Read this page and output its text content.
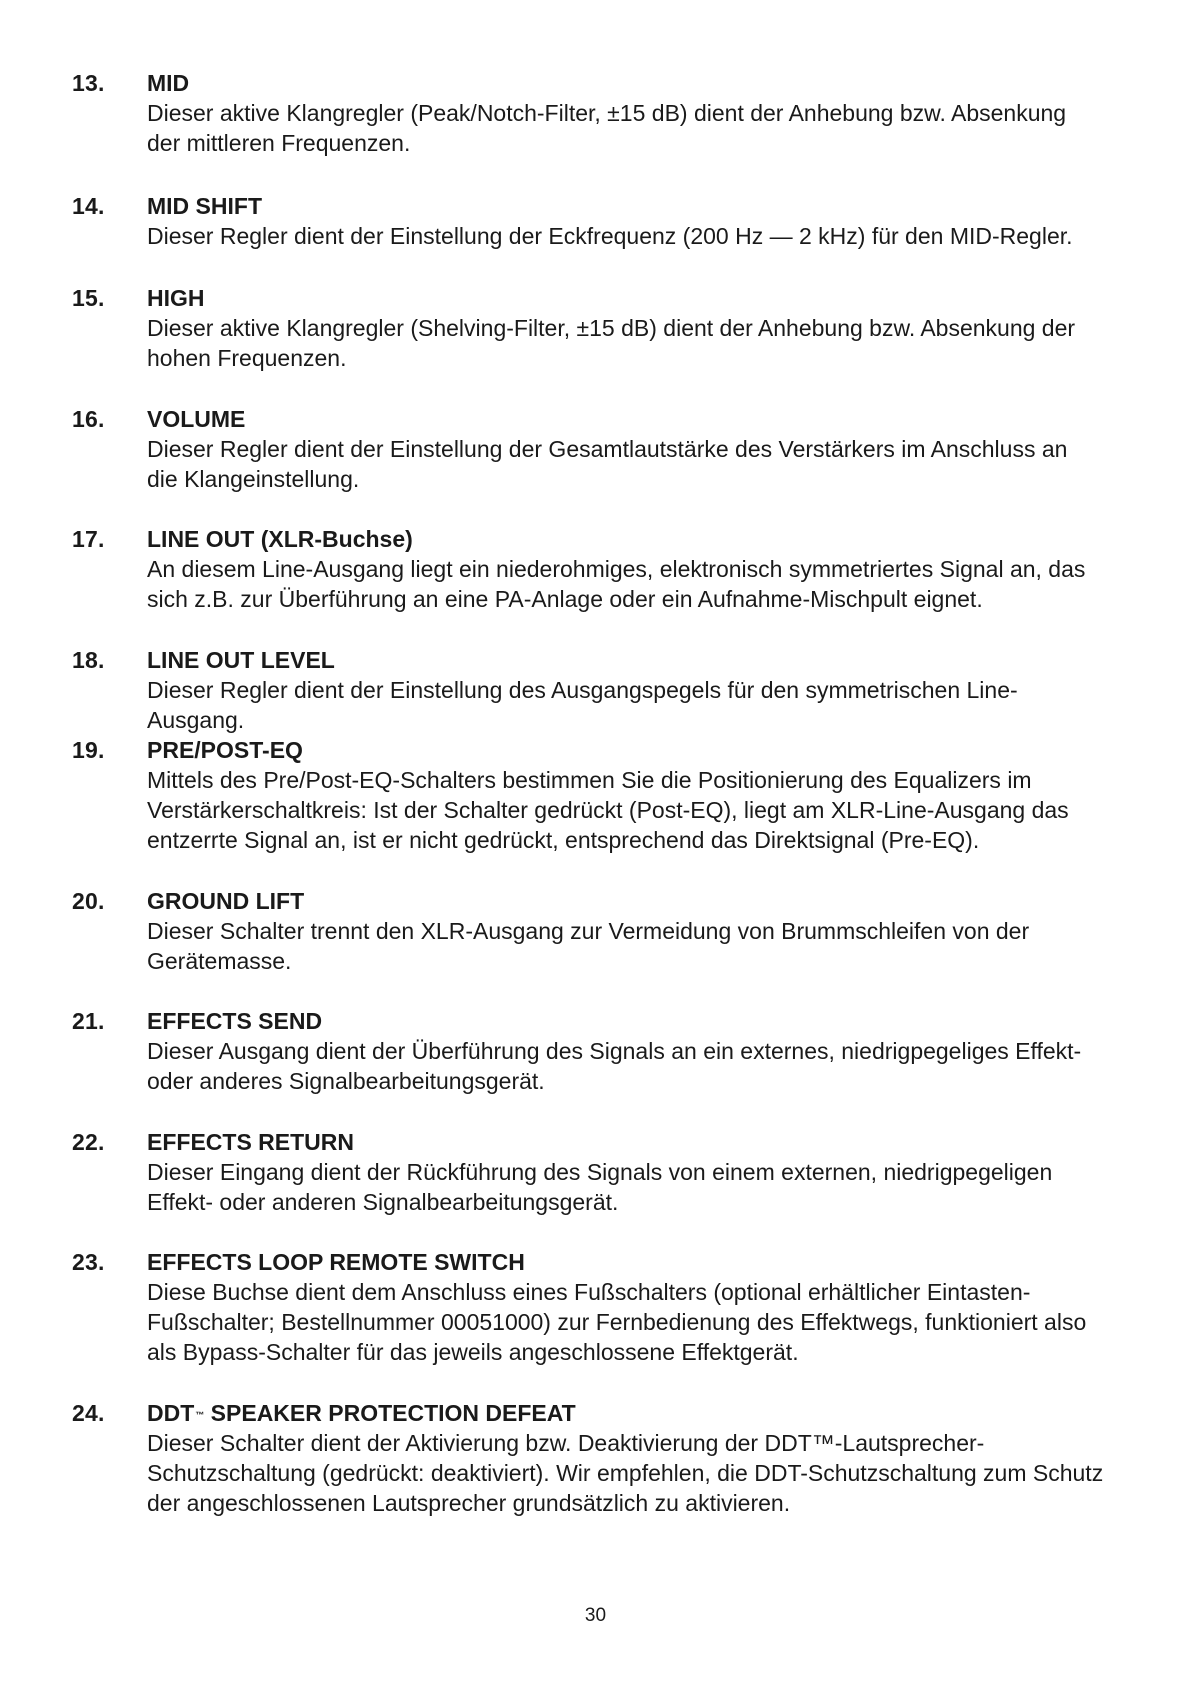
13. MID
Dieser aktive Klangregler (Peak/Notch-Filter, ±15 dB) dient der Anhebung bzw. Absenkung
der mittleren Frequenzen.
14. MID SHIFT
Dieser Regler dient der Einstellung der Eckfrequenz (200 Hz — 2 kHz) für den MID-Regler.
15. HIGH
Dieser aktive Klangregler (Shelving-Filter, ±15 dB) dient der Anhebung bzw. Absenkung der
hohen Frequenzen.
16. VOLUME
Dieser Regler dient der Einstellung der Gesamtlautstärke des Verstärkers im Anschluss an
die Klangeinstellung.
17. LINE OUT (XLR-Buchse)
An diesem Line-Ausgang liegt ein niederohmiges, elektronisch symmetriertes Signal an, das
sich z.B. zur Überführung an eine PA-Anlage oder ein Aufnahme-Mischpult eignet.
18. LINE OUT LEVEL
Dieser Regler dient der Einstellung des Ausgangspegels für den symmetrischen Line-
Ausgang.
19. PRE/POST-EQ
Mittels des Pre/Post-EQ-Schalters bestimmen Sie die Positionierung des Equalizers im
Verstärkerschaltkreis: Ist der Schalter gedrückt (Post-EQ), liegt am XLR-Line-Ausgang das
entzerrte Signal an, ist er nicht gedrückt, entsprechend das Direktsignal (Pre-EQ).
20. GROUND LIFT
Dieser Schalter trennt den XLR-Ausgang zur Vermeidung von Brummschleifen von der
Gerätemasse.
21. EFFECTS SEND
Dieser Ausgang dient der Überführung des Signals an ein externes, niedrigpegeliges Effekt-
oder anderes Signalbearbeitungsgerät.
22. EFFECTS RETURN
Dieser Eingang dient der Rückführung des Signals von einem externen, niedrigpegeligen
Effekt- oder anderen Signalbearbeitungsgerät.
23. EFFECTS LOOP REMOTE SWITCH
Diese Buchse dient dem Anschluss eines Fußschalters (optional erhältlicher Eintasten-
Fußschalter; Bestellnummer 00051000) zur Fernbedienung des Effektwegs, funktioniert also
als Bypass-Schalter für das jeweils angeschlossene Effektgerät.
24. DDT™ SPEAKER PROTECTION DEFEAT
Dieser Schalter dient der Aktivierung bzw. Deaktivierung der DDT™-Lautsprecher-
Schutzschaltung (gedrückt: deaktiviert). Wir empfehlen, die DDT-Schutzschaltung zum Schutz
der angeschlossenen Lautsprecher grundsätzlich zu aktivieren.
30
